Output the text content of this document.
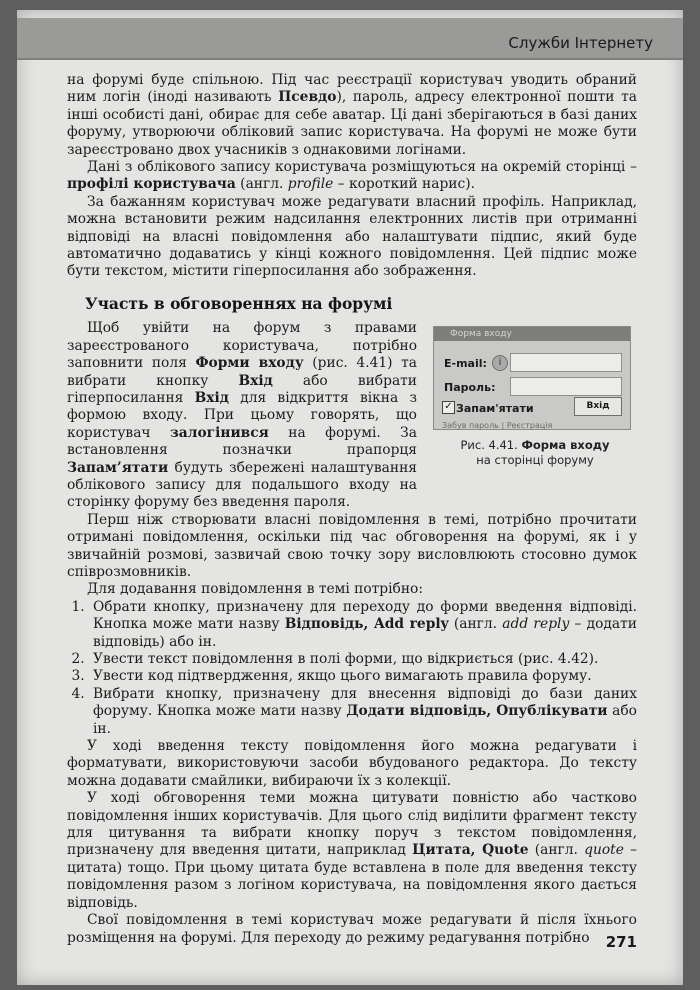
Служби Інтернету

на форумі буде спільною. Під час реєстрації користувач уводить обраний ним логін (іноді називають Псевдо), пароль, адресу електронної пошти та інші особисті дані, обирає для себе аватар. Ці дані зберігаються в базі даних форуму, утворюючи обліковий запис користувача. На форумі не може бути зареєстровано двох учасників з однаковими логінами.

Дані з облікового запису користувача розміщуються на окремій сторінці – профілі користувача (англ. profile – короткий нарис).

За бажанням користувач може редагувати власний профіль. Наприклад, можна встановити режим надсилання електронних листів при отриманні відповіді на власні повідомлення або налаштувати підпис, який буде автоматично додаватись у кінці кожного повідомлення. Цей підпис може бути текстом, містити гіперпосилання або зображення.

Участь в обговореннях на форумі

Щоб увійти на форум з правами зареєстрованого користувача, потрібно заповнити поля Форми входу (рис. 4.41) та вибрати кнопку Вхід або вибрати гіперпосилання Вхід для відкриття вікна з формою входу. При цьому говорять, що користувач залогінився на форумі. За встановлення позначки прапорця Запам’ятати будуть збережені налаштування облікового запису для подальшого входу на сторінку форуму без введення пароля.

Форма входу
E-mail:	i
Пароль:
✓ Запам'ятати	Вхід
Забув пароль | Реєстрація
Рис. 4.41. Форма входу
на сторінці форуму

Перш ніж створювати власні повідомлення в темі, потрібно прочитати отримані повідомлення, оскільки під час обговорення на форумі, як і у звичайній розмові, зазвичай свою точку зору висловлюють стосовно думок співрозмовників.

Для додавання повідомлення в темі потрібно:

1. Обрати кнопку, призначену для переходу до форми введення відповіді. Кнопка може мати назву Відповідь, Add reply (англ. add reply – додати відповідь) або ін.
2. Увести текст повідомлення в полі форми, що відкриється (рис. 4.42).
3. Увести код підтвердження, якщо цього вимагають правила форуму.
4. Вибрати кнопку, призначену для внесення відповіді до бази даних форуму. Кнопка може мати назву Додати відповідь, Опублікувати або ін.

У ході введення тексту повідомлення його можна редагувати і форматувати, використовуючи засоби вбудованого редактора. До тексту можна додавати смайлики, вибираючи їх з колекції.

У ході обговорення теми можна цитувати повністю або частково повідомлення інших користувачів. Для цього слід виділити фрагмент тексту для цитування та вибрати кнопку поруч з текстом повідомлення, призначену для введення цитати, наприклад Цитата, Quote (англ. quote – цитата) тощо. При цьому цитата буде вставлена в поле для введення тексту повідомлення разом з логіном користувача, на повідомлення якого дається відповідь.

Свої повідомлення в темі користувач може редагувати й після їхнього розміщення на форумі. Для переходу до режиму редагування потрібно	271
